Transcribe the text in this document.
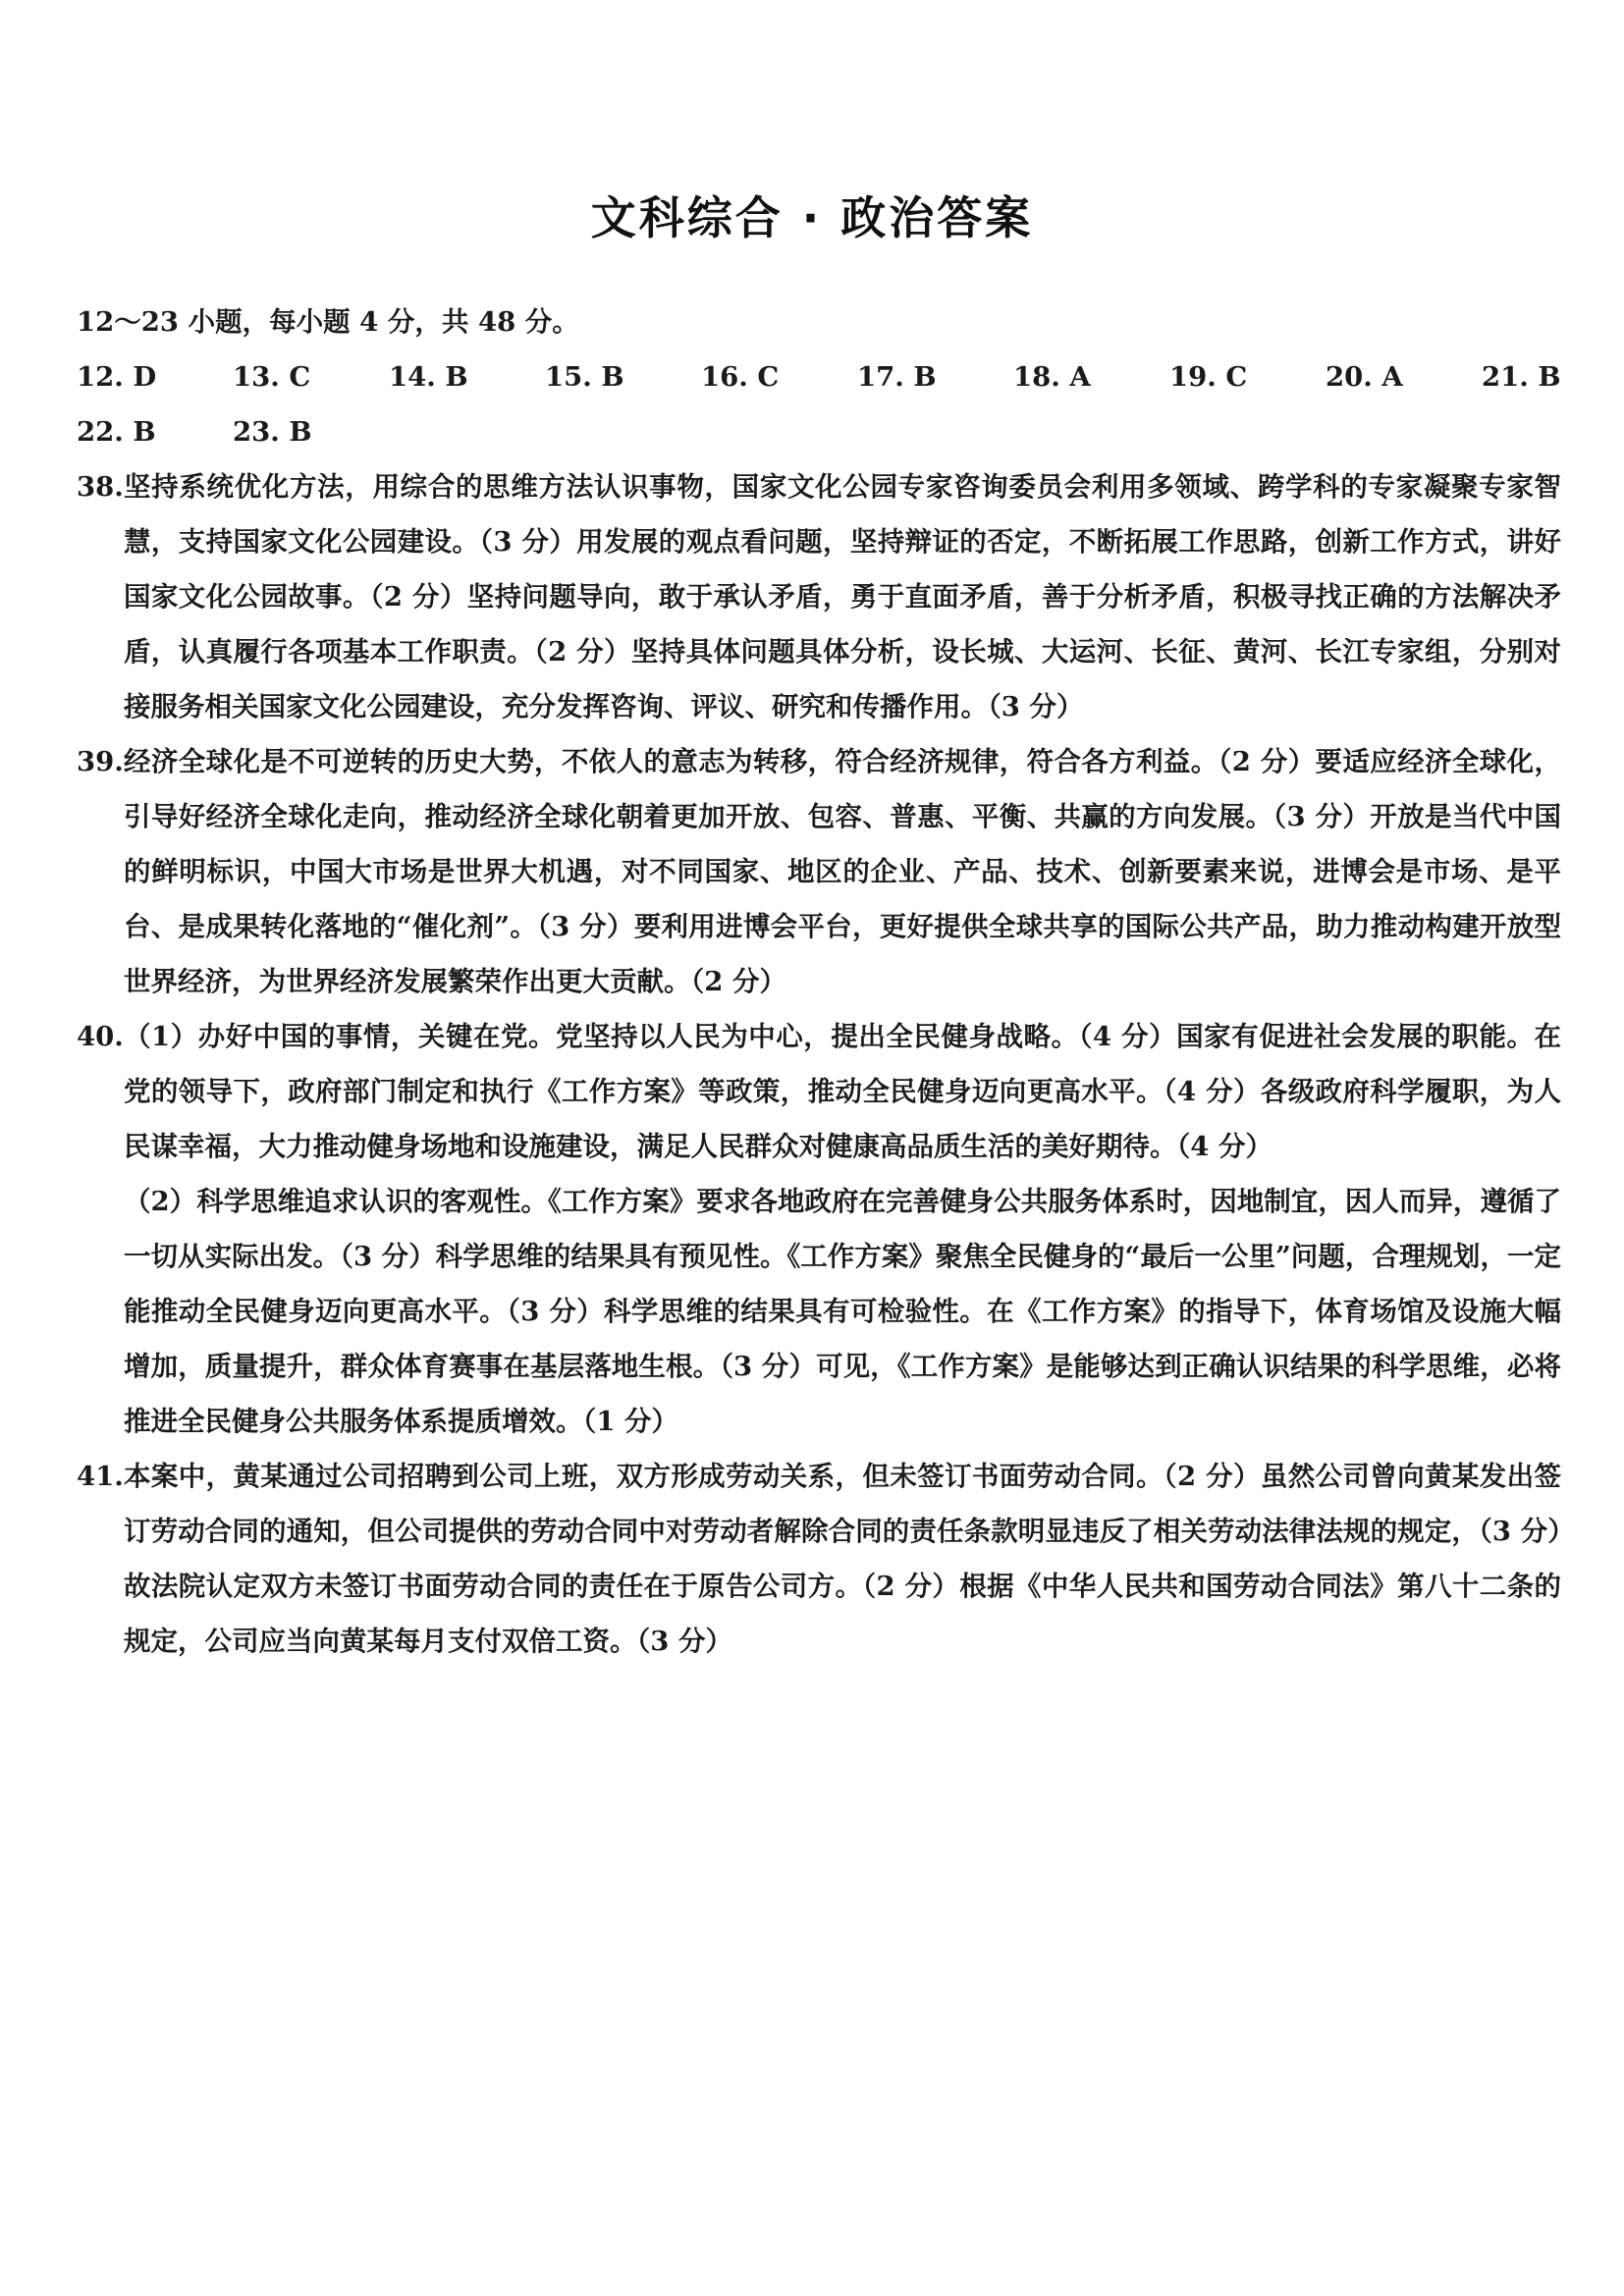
文科综合 · 政治答案

12～23 小题，每小题 4 分，共 48 分。

12. D	13. C	14. B	15. B	16. C	17. B	18. A	19. C	20. A	21. B
22. B	23. B
38. 坚持系统优化方法，用综合的思维方法认识事物，国家文化公园专家咨询委员会利用多领域、跨学科的专家凝聚专家智慧，支持国家文化公园建设。（3 分）用发展的观点看问题，坚持辩证的否定，不断拓展工作思路，创新工作方式，讲好国家文化公园故事。（2 分）坚持问题导向，敢于承认矛盾，勇于直面矛盾，善于分析矛盾，积极寻找正确的方法解决矛盾，认真履行各项基本工作职责。（2 分）坚持具体问题具体分析，设长城、大运河、长征、黄河、长江专家组，分别对接服务相关国家文化公园建设，充分发挥咨询、评议、研究和传播作用。（3 分）
39. 经济全球化是不可逆转的历史大势，不依人的意志为转移，符合经济规律，符合各方利益。（2 分）要适应经济全球化，引导好经济全球化走向，推动经济全球化朝着更加开放、包容、普惠、平衡、共赢的方向发展。（3 分）开放是当代中国的鲜明标识，中国大市场是世界大机遇，对不同国家、地区的企业、产品、技术、创新要素来说，进博会是市场、是平台、是成果转化落地的“催化剂”。（3 分）要利用进博会平台，更好提供全球共享的国际公共产品，助力推动构建开放型世界经济，为世界经济发展繁荣作出更大贡献。（2 分）
40. （1）办好中国的事情，关键在党。党坚持以人民为中心，提出全民健身战略。（4 分）国家有促进社会发展的职能。在党的领导下，政府部门制定和执行《工作方案》等政策，推动全民健身迈向更高水平。（4 分）各级政府科学履职，为人民谋幸福，大力推动健身场地和设施建设，满足人民群众对健康高品质生活的美好期待。（4 分）

（2）科学思维追求认识的客观性。《工作方案》要求各地政府在完善健身公共服务体系时，因地制宜，因人而异，遵循了一切从实际出发。（3 分）科学思维的结果具有预见性。《工作方案》聚焦全民健身的“最后一公里”问题，合理规划，一定能推动全民健身迈向更高水平。（3 分）科学思维的结果具有可检验性。在《工作方案》的指导下，体育场馆及设施大幅增加，质量提升，群众体育赛事在基层落地生根。（3 分）可见，《工作方案》是能够达到正确认识结果的科学思维，必将推进全民健身公共服务体系提质增效。（1 分）

41. 本案中，黄某通过公司招聘到公司上班，双方形成劳动关系，但未签订书面劳动合同。（2 分）虽然公司曾向黄某发出签订劳动合同的通知，但公司提供的劳动合同中对劳动者解除合同的责任条款明显违反了相关劳动法律法规的规定，（3 分）故法院认定双方未签订书面劳动合同的责任在于原告公司方。（2 分）根据《中华人民共和国劳动合同法》第八十二条的规定，公司应当向黄某每月支付双倍工资。（3 分）
